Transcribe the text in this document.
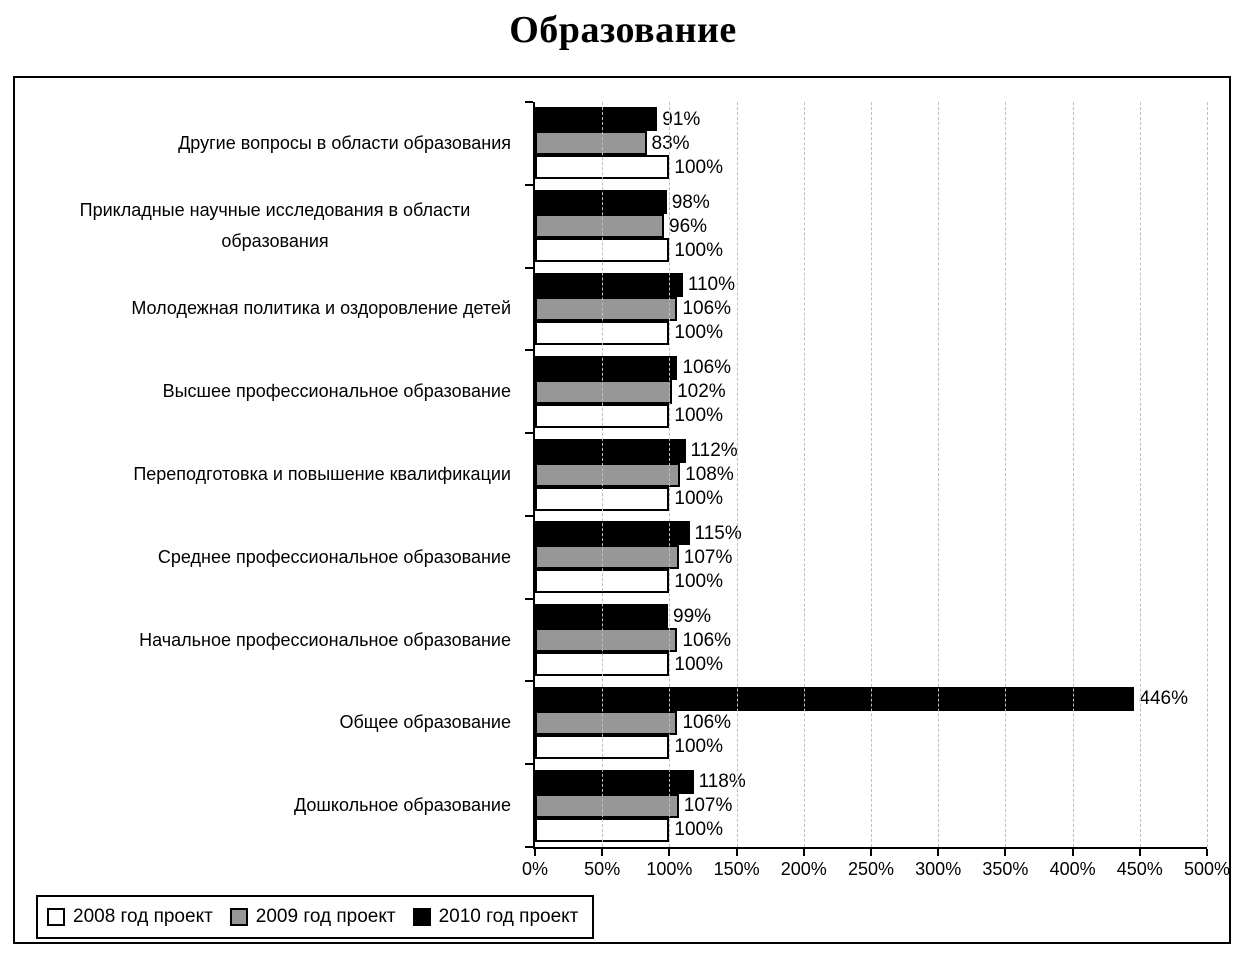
Образование
Другие вопросы в области образования
Прикладные научные исследования в области образования
Молодежная политика и оздоровление детей
Высшее профессиональное образование
Переподготовка и повышение квалификации
Среднее профессиональное образование
Начальное профессиональное образование
Общее образование
Дошкольное образование
91%
83%
100%
98%
96%
100%
110%
106%
100%
106%
102%
100%
112%
108%
100%
115%
107%
100%
99%
106%
100%
446%
106%
100%
118%
107%
100%
0%	50%	100%	150%	200%	250%	300%	350%	400%	450%	500%
2008 год проект 2009 год проект 2010 год проект
